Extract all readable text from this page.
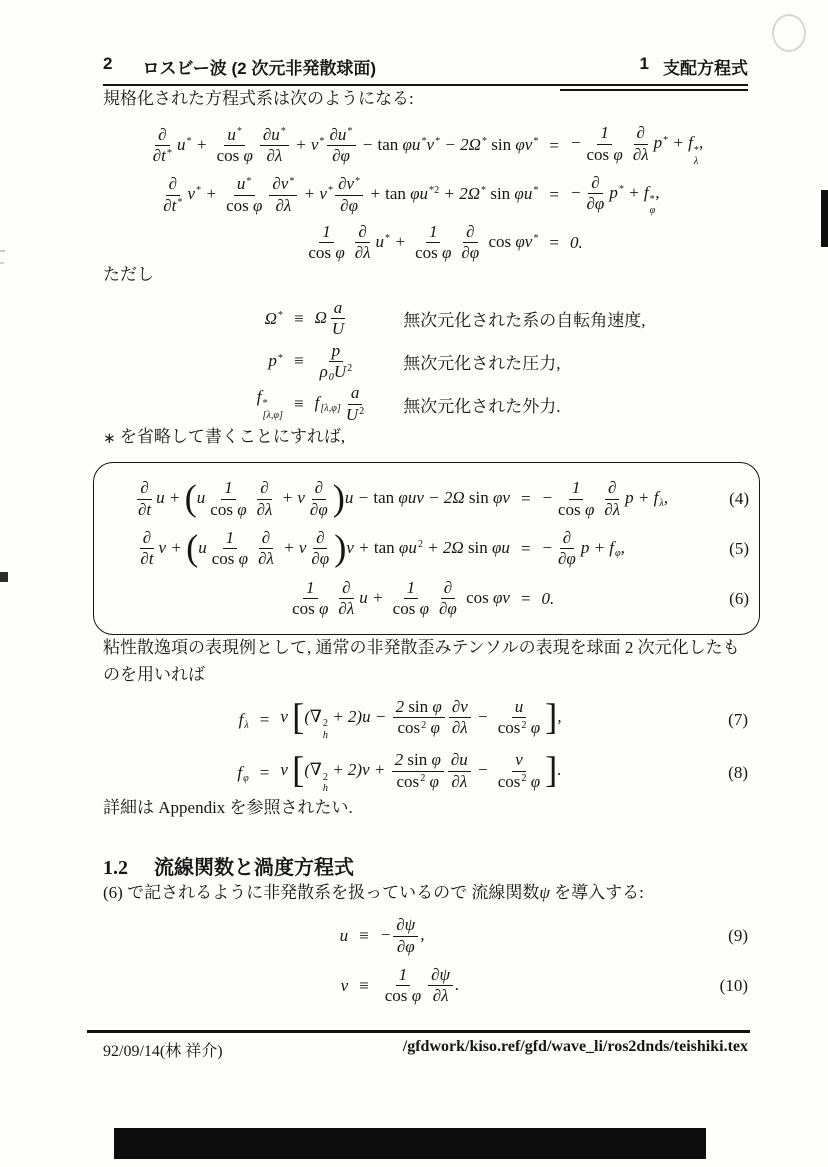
2 ロスビー波 (2 次元非発散球面)	1 支配方程式

規格化された方程式系は次のようになる:

∂
∂t* $u^* + \frac{u^*}{\text{cos φ}} \frac{\partial u^*}{\partial\lambda} + v^* \frac{\partial u^*}{\partial\varphi} - \tan \varphi u^*v^* - 2\Omega^*$ sin φv* = − $\frac{1}{\text{cos φ}}$ ∂
∂λ
p* + f *
λ
,
∂
∂t* $v^* + \frac{u^*}{\text{cos φ}} \frac{\partial v^*}{\partial\lambda} + v^* \frac{\partial v^*}{\partial\varphi} + \tan \varphi u^{*2} + 2\Omega^*$ sin φu* = −
∂
∂φ
p* + f *
φ
,
$\frac{1}{\text{cos φ}}$ ∂
∂λ
$u^* + \frac{1}{\text{cos φ}}$ ∂
∂φ
cos φv* = 0.

ただし

Ω* ≡ Ω $\frac{a}{U}$	無次元化された系の自転角速度,
$p^* \equiv \frac{p}{\rho 0U^2}$	無次元化された圧力,
f *
[λ,φ]
≡ $f[\lambda,\varphi] \frac{a}{U^2}$	無次元化された外力.

∗ を省略して書くことにすれば,

∂
∂t
$u + (u \frac{1}{\text{cos φ}}$ ∂
∂λ
+ v
∂
∂φ )u − tan φuv − 2Ω sin φv = − $\frac{1}{\text{cos φ}}$ ∂
∂λ
p + fλ,	(4)
∂
∂t
$v + (u \frac{1}{\text{cos φ}}$ ∂
∂λ
+ v
∂
∂φ )$v + \tan \varphi u^2 + 2\Omega$ sin φu = −
∂
∂φ
p + fφ,	(5)
$\frac{1}{\text{cos φ}}$ ∂
∂λ
$u + \frac{1}{\text{cos φ}}$ ∂
∂φ
cos φv = 0.	(6)

粘性散逸項の表現例として, 通常の非発散歪みテンソルの表現を球面 2 次元化したものを用いれば

fλ = ν [(∇ 2
h
+ $2)u - \frac{\text{2 sin φ}}{\cos^2 \varphi} \frac{\partial v}{\partial\lambda} - \frac{u}{\cos^2 \varphi}$ ],	(7)
fφ = ν [(∇ 2
h
+ $2)v + \frac{\text{2 sin φ}}{\cos^2 \varphi} \frac{\partial u}{\partial\lambda} - \frac{v}{\cos^2 \varphi}$ ].	(8)

詳細は Appendix を参照されたい.

1.2 流線関数と渦度方程式

(6) で記されるように非発散系を扱っているので 流線関数ψ を導入する:

u ≡ − $\frac{\partial\psi}{\partial\varphi}$ ,	(9)
$v \equiv \frac{1}{\text{cos φ}} \frac{\partial\psi}{\partial\lambda}$ .	(10)
92/09/14(林 祥介)	/gfdwork/kiso.ref/gfd/wave_li/ros2dnds/teishiki.tex
